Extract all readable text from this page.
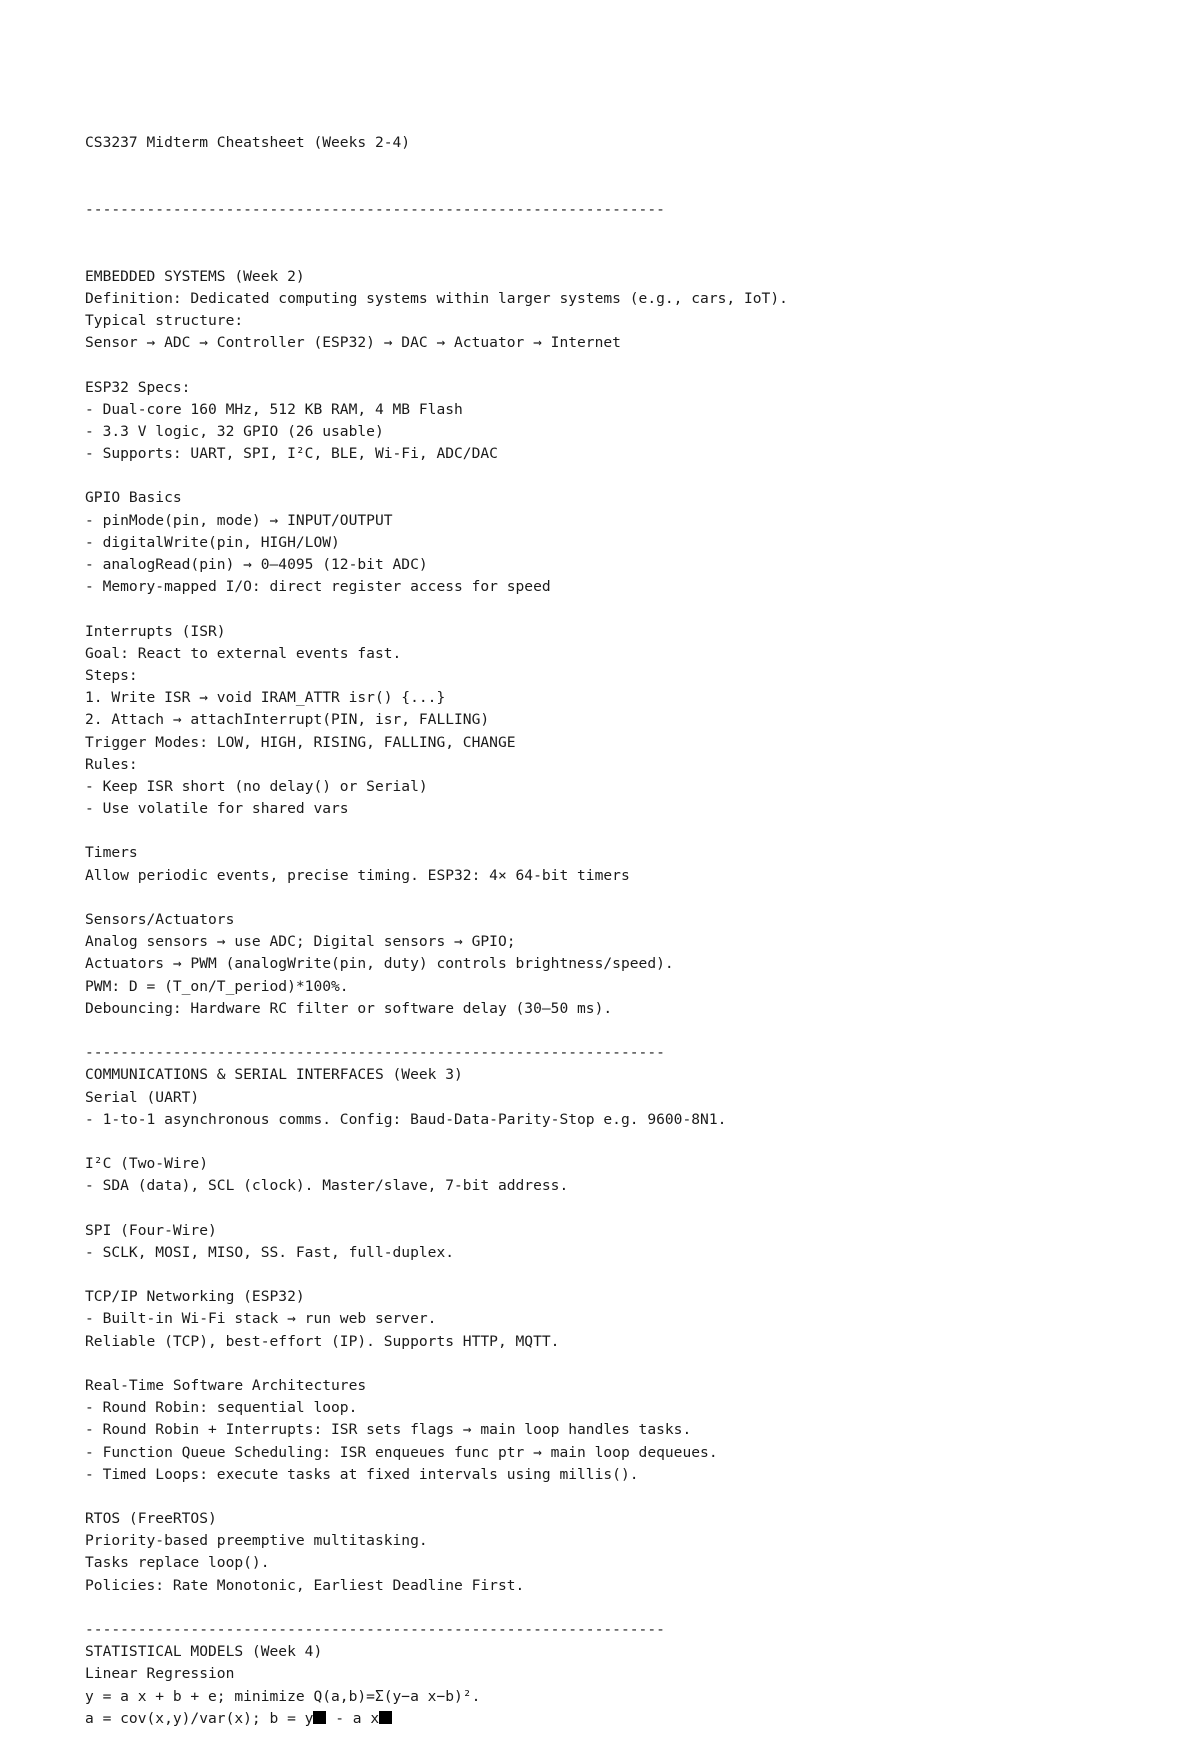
CS3237 Midterm Cheatsheet (Weeks 2-4)

------------------------------------------------------------------

EMBEDDED SYSTEMS (Week 2)
Definition: Dedicated computing systems within larger systems (e.g., cars, IoT).
Typical structure:
Sensor → ADC → Controller (ESP32) → DAC → Actuator → Internet
ESP32 Specs:
- Dual-core 160 MHz, 512 KB RAM, 4 MB Flash
- 3.3 V logic, 32 GPIO (26 usable)
- Supports: UART, SPI, I²C, BLE, Wi-Fi, ADC/DAC
GPIO Basics
- pinMode(pin, mode) → INPUT/OUTPUT
- digitalWrite(pin, HIGH/LOW)
- analogRead(pin) → 0–4095 (12-bit ADC)
- Memory-mapped I/O: direct register access for speed
Interrupts (ISR)
Goal: React to external events fast.
Steps:
1. Write ISR → void IRAM_ATTR isr() {...}
2. Attach → attachInterrupt(PIN, isr, FALLING)
Trigger Modes: LOW, HIGH, RISING, FALLING, CHANGE
Rules:
- Keep ISR short (no delay() or Serial)
- Use volatile for shared vars
Timers
Allow periodic events, precise timing. ESP32: 4× 64-bit timers
Sensors/Actuators
Analog sensors → use ADC; Digital sensors → GPIO;
Actuators → PWM (analogWrite(pin, duty) controls brightness/speed).
PWM: D = (T_on/T_period)*100%.
Debouncing: Hardware RC filter or software delay (30–50 ms).
------------------------------------------------------------------
COMMUNICATIONS & SERIAL INTERFACES (Week 3)
Serial (UART)
- 1-to-1 asynchronous comms. Config: Baud-Data-Parity-Stop e.g. 9600-8N1.
I²C (Two-Wire)
- SDA (data), SCL (clock). Master/slave, 7-bit address.
SPI (Four-Wire)
- SCLK, MOSI, MISO, SS. Fast, full-duplex.
TCP/IP Networking (ESP32)
- Built-in Wi-Fi stack → run web server.
Reliable (TCP), best-effort (IP). Supports HTTP, MQTT.
Real-Time Software Architectures
- Round Robin: sequential loop.
- Round Robin + Interrupts: ISR sets flags → main loop handles tasks.
- Function Queue Scheduling: ISR enqueues func ptr → main loop dequeues.
- Timed Loops: execute tasks at fixed intervals using millis().
RTOS (FreeRTOS)
Priority-based preemptive multitasking.
Tasks replace loop().
Policies: Rate Monotonic, Earliest Deadline First.
------------------------------------------------------------------
STATISTICAL MODELS (Week 4)
Linear Regression
y = a x + b + e; minimize Q(a,b)=Σ(y−a x−b)².
a = cov(x,y)/var(x); b = y - a x
